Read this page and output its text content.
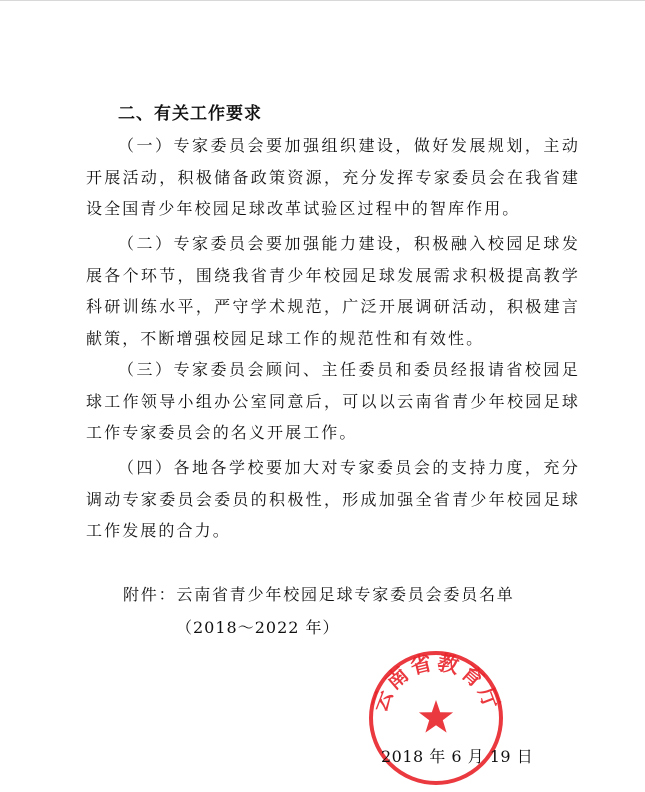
二、有关工作要求
（一）专家委员会要加强组织建设，做好发展规划，主动开展活动，积极储备政策资源，充分发挥专家委员会在我省建设全国青少年校园足球改革试验区过程中的智库作用。
（二）专家委员会要加强能力建设，积极融入校园足球发展各个环节，围绕我省青少年校园足球发展需求积极提高教学科研训练水平，严守学术规范，广泛开展调研活动，积极建言献策，不断增强校园足球工作的规范性和有效性。
（三）专家委员会顾问、主任委员和委员经报请省校园足球工作领导小组办公室同意后，可以以云南省青少年校园足球工作专家委员会的名义开展工作。
（四）各地各学校要加大对专家委员会的支持力度，充分调动专家委员会委员的积极性，形成加强全省青少年校园足球工作发展的合力。
附件：云南省青少年校园足球专家委员会委员名单
（2018～2022 年）
云南省教育厅
2018 年 6 月 19 日
